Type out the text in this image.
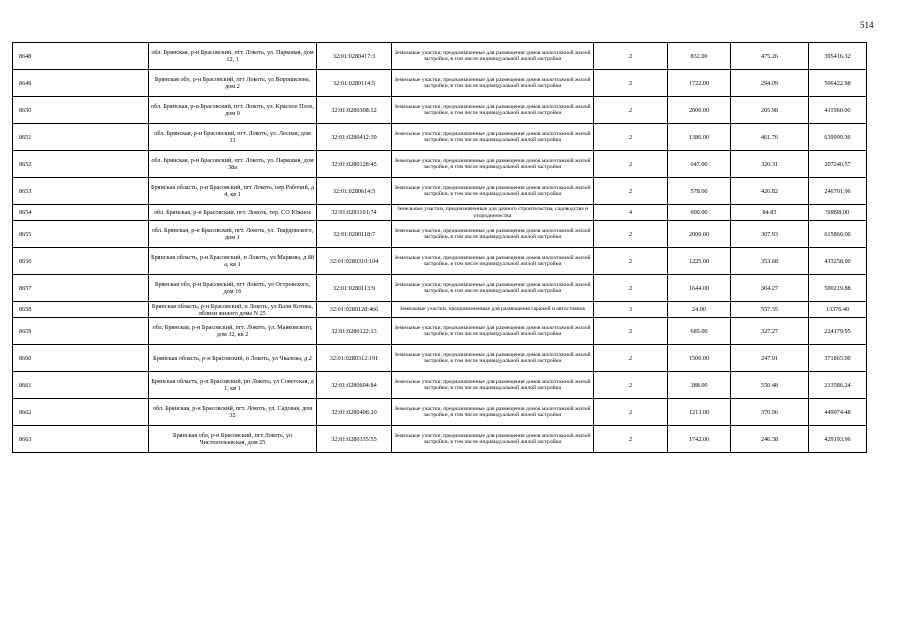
514
8648	обл. Брянская, р-н Брасовский, пгт. Локоть, ул. Парковая, дом 12, 1	32:01:0280417:3	Земельные участки, предназначенные для размещения домов малоэтажной жилой застройки, в том числе индивидуальной жилой застройки	2	832.00	475.26	395416.32
8649	Брянская обл, р-н Брасовский, пгт Локоть, ул Ворошилова, дом 2	32:01:0280114:5	Земельные участки, предназначенные для размещения домов малоэтажной жилой застройки, в том числе индивидуальной жилой застройки	2	1722.00	294.09	506422.98
8650	обл. Брянская, р-н Брасовский, пгт. Локоть, ул. Красное Поле, дом 9	32:01:0280308:32	Земельные участки, предназначенные для размещения домов малоэтажной жилой застройки, в том числе индивидуальной жилой застройки	2	2000.00	205.98	411960.00
8651	обл. Брянская, р-н Брасовский, пгт. Локоть, ул. Лесная, дом 31	32:01:0280412:39	Земельные участки, предназначенные для размещения домов малоэтажной жилой застройки, в том числе индивидуальной жилой застройки	2	1386.00	461.76	639999.36
8652	обл. Брянская, р-н Брасовский, пгт. Локоть, ул. Парковая, дом 38а	32:01:0280128:45	Земельные участки, предназначенные для размещения домов малоэтажной жилой застройки, в том числе индивидуальной жилой застройки	2	647.00	320.31	207240.57
8653	Брянская область, р-н Брасовский, пгт Локоть, пер Рабочий, д 4, кв 1	32:01:0280614:5	Земельные участки, предназначенные для размещения домов малоэтажной жилой застройки, в том числе индивидуальной жилой застройки	2	578.00	426.82	246701.96
8654	обл. Брянская, р-н Брасовский, пгт. Локоть, тер. СО Южное	32:01:0281101:74	Земельные участки, предназначенные для дачного строительства, садоводства и огородничества	4	600.00	84.83	50898.00
8655	обл. Брянская, р-н Брасовский, пгт. Локоть, ул. Твардовского, дом 1	32:01:0280118:7	Земельные участки, предназначенные для размещения домов малоэтажной жилой застройки, в том числе индивидуальной жилой застройки	2	2000.00	307.93	615860.00
8656	Брянская область, р-н Брасовский, п Локоть, ул Маркова, д 88 а, кв 1	32:01:0280310:104	Земельные участки, предназначенные для размещения домов малоэтажной жилой застройки, в том числе индивидуальной жилой застройки	2	1225.00	353.68	433258.00
8657	Брянская обл, р-н Брасовский, пгт Локоть, ул Островского, дом 16	32:01:0280113:9	Земельные участки, предназначенные для размещения домов малоэтажной жилой застройки, в том числе индивидуальной жилой застройки	2	1644.00	304.27	500219.88
8658	Брянская область, р-н Брасовский, п Локоть, ул Вали Котика, вблизи жилого дома N 25	32:01:0280128:466	Земельные участки, предназначенные для размещения гаражей и автостоянок	3	24.00	557.35	13376.40
8659	обл. Брянская, р-н Брасовский, пгт. Локоть, ул. Маяковского, дом 32, кв 2	32:01:0280122:13	Земельные участки, предназначенные для размещения домов малоэтажной жилой застройки, в том числе индивидуальной жилой застройки	2	685.00	327.27	224179.95
8660	Брянская область, р-н Брасовский, п Локоть, ул Чкалова, д 2	32:01:0280312:191	Земельные участки, предназначенные для размещения домов малоэтажной жилой застройки, в том числе индивидуальной жилой застройки	2	1500.00	247.91	371865.00
8661	Брянская область, р-н Брасовский, рп Локоть, ул Советская, д 1, кв 1	32:01:0280604:84	Земельные участки, предназначенные для размещения домов малоэтажной жилой застройки, в том числе индивидуальной жилой застройки	2	388.00	550.48	213586.24
8662	обл. Брянская, р-н Брасовский, пгт. Локоть, ул. Садовая, дом 32	32:01:0280406:20	Земельные участки, предназначенные для размещения домов малоэтажной жилой застройки, в том числе индивидуальной жилой застройки	2	1213.00	370.96	449974.48
8663	Брянская обл, р-н Брасовский, пгт Локоть, ул Чистопольевская, дом 25	32:01:0280135:55	Земельные участки, предназначенные для размещения домов малоэтажной жилой застройки, в том числе индивидуальной жилой застройки	2	1742.00	246.38	429193.96
